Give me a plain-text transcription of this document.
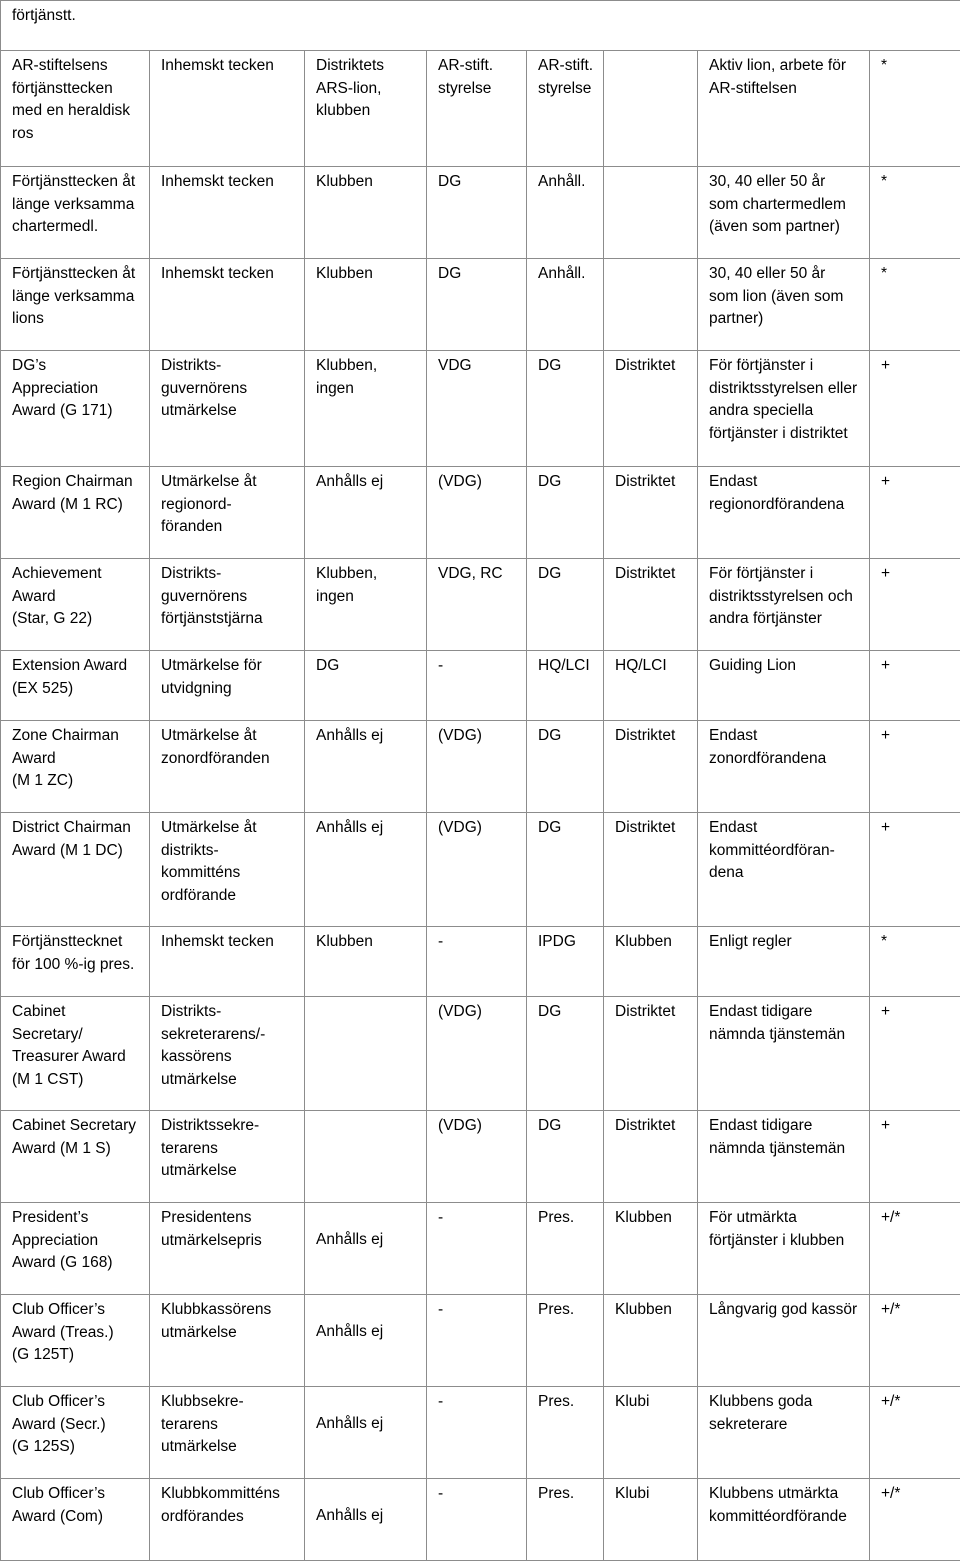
förtjänstt.							

AR-stiftelsens
förtjänsttecken
med en heraldisk
ros	Inhemskt tecken	Distriktets
ARS-lion,
klubben	AR-stift.
styrelse	AR-stift.
styrelse		Aktiv lion, arbete för
AR-stiftelsen	*

Förtjänsttecken åt
länge verksamma
chartermedl.	Inhemskt tecken	Klubben	DG	Anhåll.		30, 40 eller 50 år
som chartermedlem
(även som partner)	*

Förtjänsttecken åt
länge verksamma
lions	Inhemskt tecken	Klubben	DG	Anhåll.		30, 40 eller 50 år
som lion (även som
partner)	*

DG’s
Appreciation
Award (G 171)	Distrikts-
guvernörens
utmärkelse	Klubben,
ingen	VDG	DG	Distriktet	För förtjänster i
distriktsstyrelsen eller
andra speciella
förtjänster i distriktet	+

Region Chairman
Award (M 1 RC)	Utmärkelse åt
regionord-
föranden	Anhålls ej	(VDG)	DG	Distriktet	Endast
regionordförandena	+

Achievement
Award
(Star, G 22)	Distrikts-
guvernörens
förtjänststjärna	Klubben,
ingen	VDG, RC	DG	Distriktet	För förtjänster i
distriktsstyrelsen och
andra förtjänster	+

Extension Award
(EX 525)	Utmärkelse för
utvidgning	DG	-	HQ/LCI	HQ/LCI	Guiding Lion	+

Zone Chairman
Award
(M 1 ZC)	Utmärkelse åt
zonordföranden	Anhålls ej	(VDG)	DG	Distriktet	Endast
zonordförandena	+

District Chairman
Award (M 1 DC)	Utmärkelse åt
distrikts-
kommitténs
ordförande	Anhålls ej	(VDG)	DG	Distriktet	Endast
kommittéordföran-
dena	+

Förtjänsttecknet
för 100 %-ig pres.	Inhemskt tecken	Klubben	-	IPDG	Klubben	Enligt regler	*

Cabinet
Secretary/
Treasurer Award
(M 1 CST)	Distrikts-
sekreterarens/-
kassörens
utmärkelse		(VDG)	DG	Distriktet	Endast tidigare
nämnda tjänstemän	+

Cabinet Secretary
Award (M 1 S)	Distriktssekre-
terarens
utmärkelse		(VDG)	DG	Distriktet	Endast tidigare
nämnda tjänstemän	+

President’s
Appreciation
Award (G 168)	Presidentens
utmärkelsepris	Anhålls ej	-	Pres.	Klubben	För utmärkta
förtjänster i klubben	+/*

Club Officer’s
Award (Treas.)
(G 125T)	Klubbkassörens
utmärkelse	Anhålls ej	-	Pres.	Klubben	Långvarig god kassör	+/*

Club Officer’s
Award (Secr.)
(G 125S)	Klubbsekre-
terarens
utmärkelse	Anhålls ej	-	Pres.	Klubi	Klubbens goda
sekreterare	+/*

Club Officer’s
Award (Com)	Klubbkommitténs
ordförandes	Anhålls ej	-	Pres.	Klubi	Klubbens utmärkta
kommittéordförande	+/*
